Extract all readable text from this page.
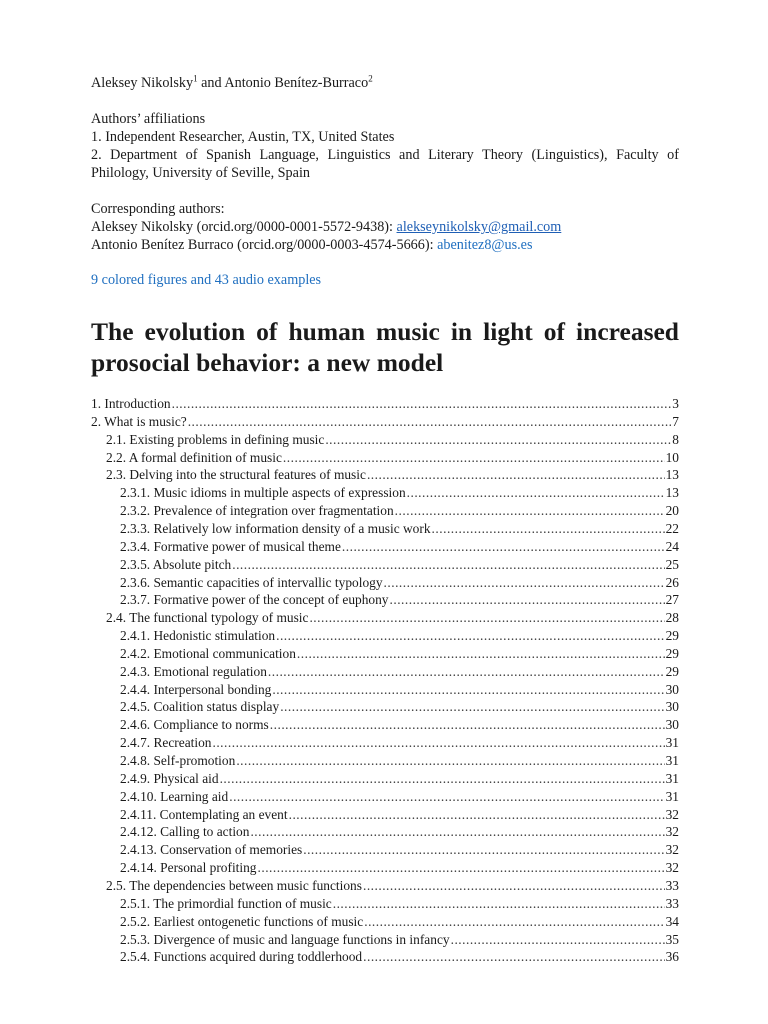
Aleksey Nikolsky$^1$ and Antonio Benítez-Burraco$^2$
Authors’ affiliations
1. Independent Researcher, Austin, TX, United States
2. Department of Spanish Language, Linguistics and Literary Theory (Linguistics), Faculty of
Philology, University of Seville, Spain
Corresponding authors:
Aleksey Nikolsky (orcid.org/0000-0001-5572-9438): alekseynikolsky@gmail.com
Antonio Benítez Burraco (orcid.org/0000-0003-4574-5666): abenitez8@us.es
9 colored figures and 43 audio examples
The evolution of human music in light of increased
prosocial behavior: a new model
1. Introduction .....	3
2. What is music? .....	7
2.1. Existing problems in defining music .....	8
2.2. A formal definition of music .....	10
2.3. Delving into the structural features of music .....	13
2.3.1. Music idioms in multiple aspects of expression .....	13
2.3.2. Prevalence of integration over fragmentation .....	20
2.3.3. Relatively low information density of a music work .....	22
2.3.4. Formative power of musical theme .....	24
2.3.5. Absolute pitch .....	25
2.3.6. Semantic capacities of intervallic typology .....	26
2.3.7. Formative power of the concept of euphony .....	27
2.4. The functional typology of music .....	28
2.4.1. Hedonistic stimulation .....	29
2.4.2. Emotional communication .....	29
2.4.3. Emotional regulation .....	29
2.4.4. Interpersonal bonding .....	30
2.4.5. Coalition status display .....	30
2.4.6. Compliance to norms .....	30
2.4.7. Recreation .....	31
2.4.8. Self-promotion .....	31
2.4.9. Physical aid .....	31
2.4.10. Learning aid .....	31
2.4.11. Contemplating an event .....	32
2.4.12. Calling to action .....	32
2.4.13. Conservation of memories .....	32
2.4.14. Personal profiting .....	32
2.5. The dependencies between music functions .....	33
2.5.1. The primordial function of music .....	33
2.5.2. Earliest ontogenetic functions of music .....	34
2.5.3. Divergence of music and language functions in infancy .....	35
2.5.4. Functions acquired during toddlerhood .....	36
